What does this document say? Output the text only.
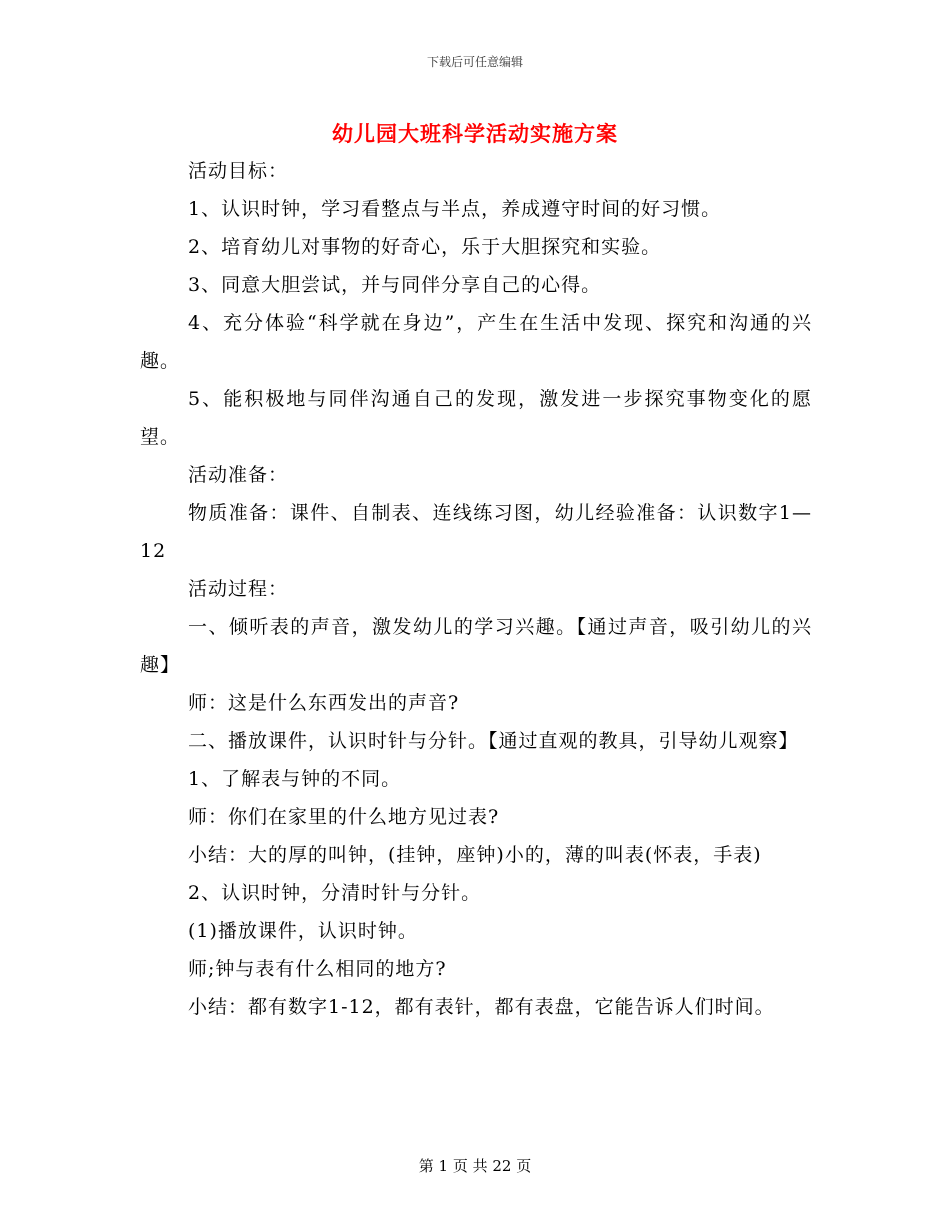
下载后可任意编辑
幼儿园大班科学活动实施方案

活动目标：

1、认识时钟，学习看整点与半点，养成遵守时间的好习惯。

2、培育幼儿对事物的好奇心，乐于大胆探究和实验。

3、同意大胆尝试，并与同伴分享自己的心得。

4、充分体验“科学就在身边”，产生在生活中发现、探究和沟通的兴趣。

5、能积极地与同伴沟通自己的发现，激发进一步探究事物变化的愿望。

活动准备：

物质准备：课件、自制表、连线练习图，幼儿经验准备：认识数字1—12

活动过程：

一、倾听表的声音，激发幼儿的学习兴趣。【通过声音，吸引幼儿的兴趣】

师：这是什么东西发出的声音?

二、播放课件，认识时针与分针。【通过直观的教具，引导幼儿观察】

1、了解表与钟的不同。

师：你们在家里的什么地方见过表?

小结：大的厚的叫钟，(挂钟，座钟)小的，薄的叫表(怀表，手表)

2、认识时钟，分清时针与分针。

(1)播放课件，认识时钟。

师;钟与表有什么相同的地方?

小结：都有数字1-12，都有表针，都有表盘，它能告诉人们时间。

第 1 页 共 22 页
